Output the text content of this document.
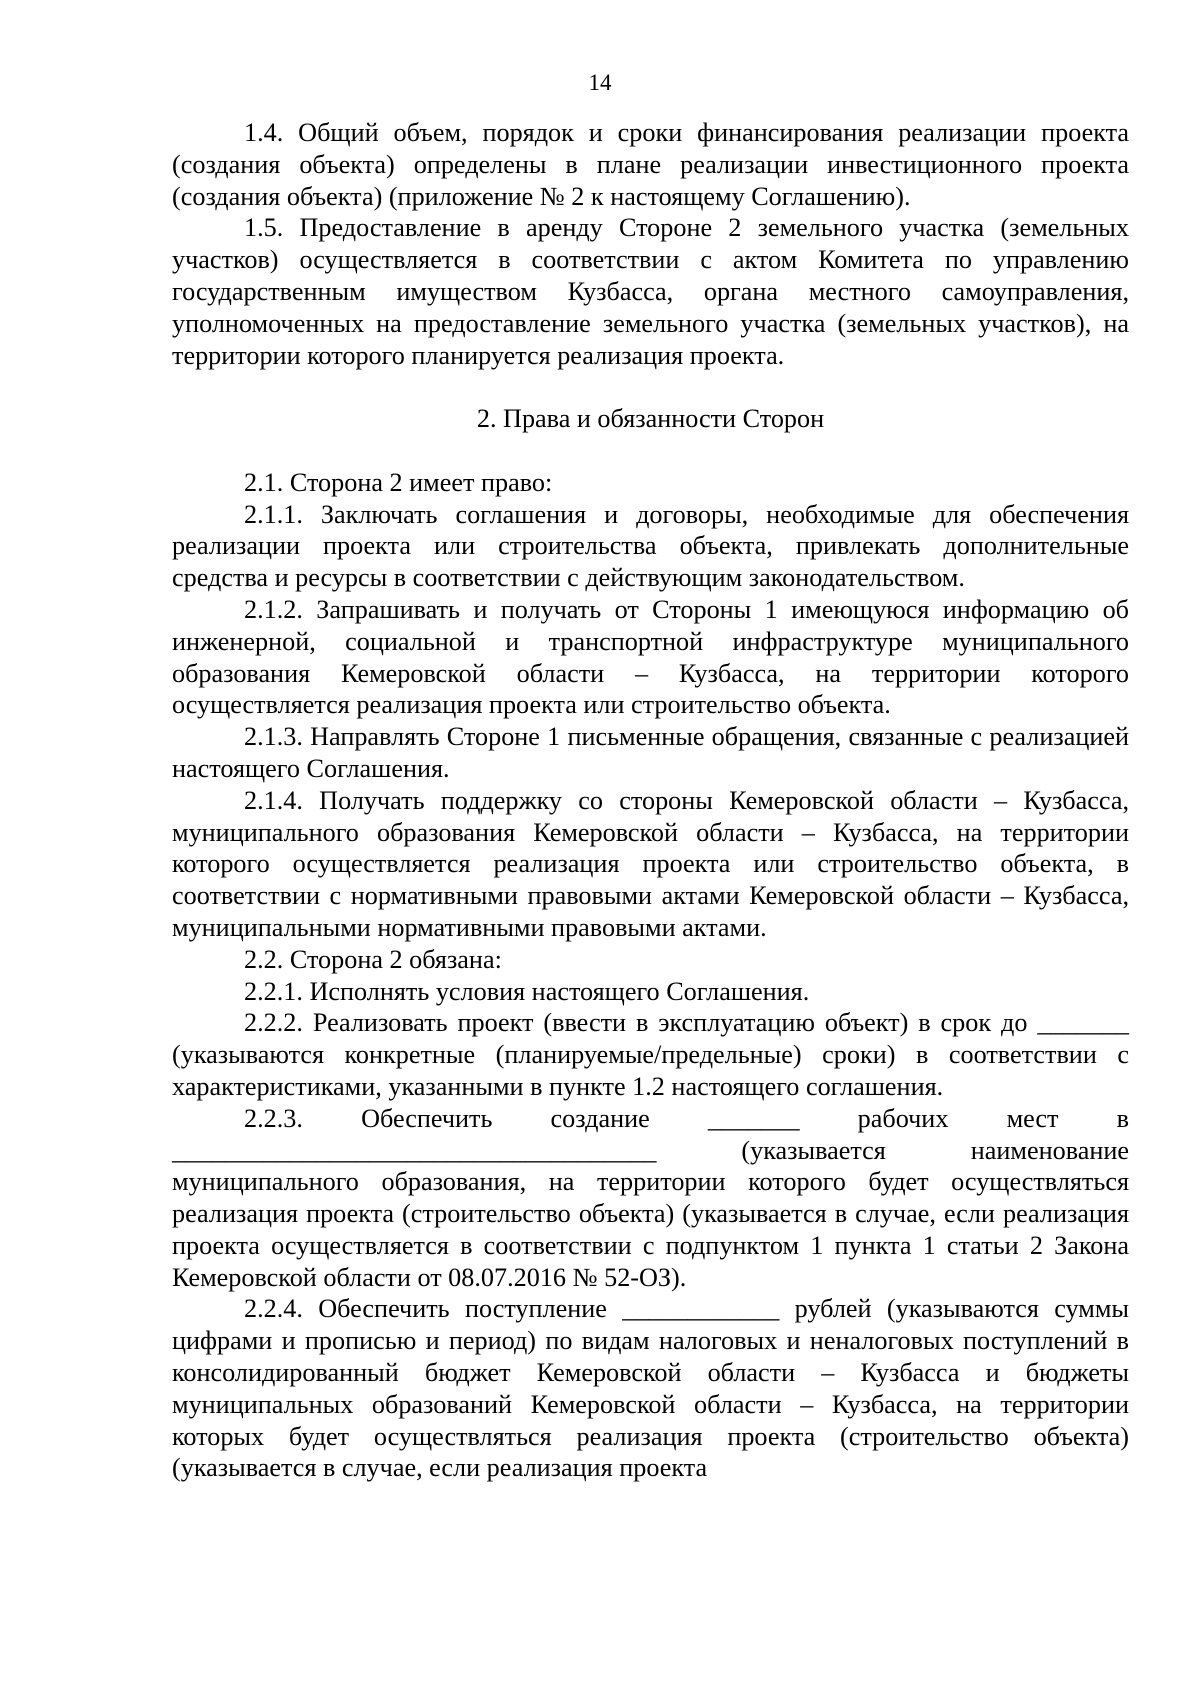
14

1.4. Общий объем, порядок и сроки финансирования реализации проекта (создания объекта) определены в плане реализации инвестиционного проекта (создания объекта) (приложение № 2 к настоящему Соглашению).

1.5. Предоставление в аренду Стороне 2 земельного участка (земельных участков) осуществляется в соответствии с актом Комитета по управлению государственным имуществом Кузбасса, органа местного самоуправления, уполномоченных на предоставление земельного участка (земельных участков), на территории которого планируется реализация проекта.

2. Права и обязанности Сторон

2.1. Сторона 2 имеет право:

2.1.1. Заключать соглашения и договоры, необходимые для обеспечения реализации проекта или строительства объекта, привлекать дополнительные средства и ресурсы в соответствии с действующим законодательством.

2.1.2. Запрашивать и получать от Стороны 1 имеющуюся информацию об инженерной, социальной и транспортной инфраструктуре муниципального образования Кемеровской области – Кузбасса, на территории которого осуществляется реализация проекта или строительство объекта.

2.1.3. Направлять Стороне 1 письменные обращения, связанные с реализацией настоящего Соглашения.

2.1.4. Получать поддержку со стороны Кемеровской области – Кузбасса, муниципального образования Кемеровской области – Кузбасса, на территории которого осуществляется реализация проекта или строительство объекта, в соответствии с нормативными правовыми актами Кемеровской области – Кузбасса, муниципальными нормативными правовыми актами.

2.2. Сторона 2 обязана:

2.2.1. Исполнять условия настоящего Соглашения.

2.2.2. Реализовать проект (ввести в эксплуатацию объект) в срок до _______ (указываются конкретные (планируемые/предельные) сроки) в соответствии с характеристиками, указанными в пункте 1.2 настоящего соглашения.

2.2.3. Обеспечить создание _______ рабочих мест в _____________________________________ (указывается наименование муниципального образования, на территории которого будет осуществляться реализация проекта (строительство объекта) (указывается в случае, если реализация проекта осуществляется в соответствии с подпунктом 1 пункта 1 статьи 2 Закона Кемеровской области от 08.07.2016 № 52-ОЗ).

2.2.4. Обеспечить поступление ____________ рублей (указываются суммы цифрами и прописью и период) по видам налоговых и неналоговых поступлений в консолидированный бюджет Кемеровской области – Кузбасса и бюджеты муниципальных образований Кемеровской области – Кузбасса, на территории которых будет осуществляться реализация проекта (строительство объекта) (указывается в случае, если реализация проекта
